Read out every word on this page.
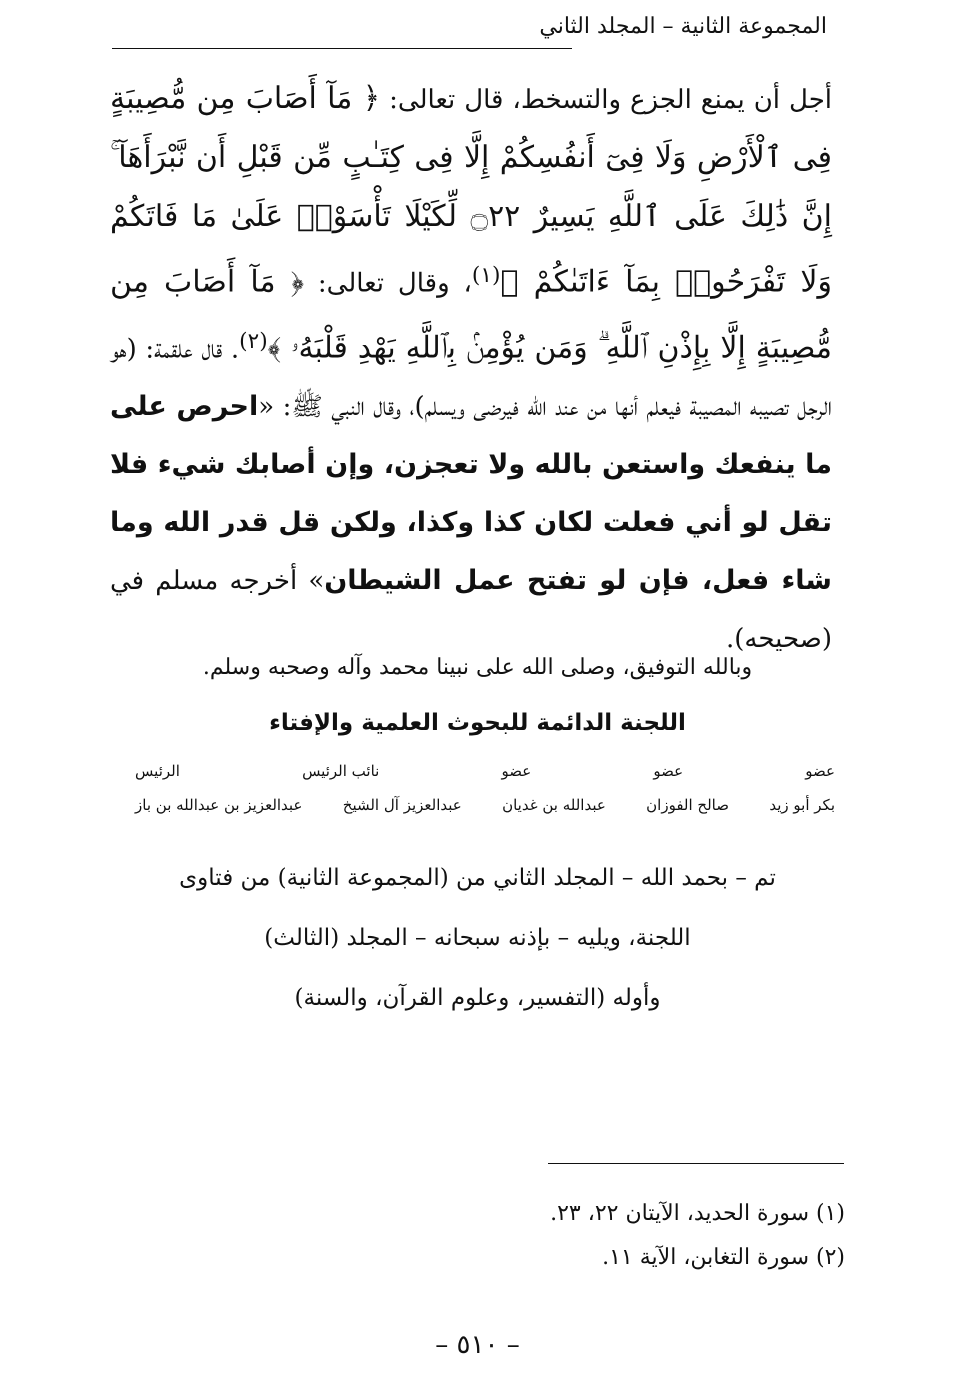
المجموعة الثانية – المجلد الثاني

أجل أن يمنع الجزع والتسخط، قال تعالى: ﴿ مَآ أَصَابَ مِن مُّصِيبَةٍ فِى ٱلْأَرْضِ وَلَا فِىٓ أَنفُسِكُمْ إِلَّا فِى كِتَـٰبٍ مِّن قَبْلِ أَن نَّبْرَأَهَآ ۚ إِنَّ ذَٰلِكَ عَلَى ٱللَّهِ يَسِيرٌ ۝٢٢ لِّكَيْلَا تَأْسَوْا۟ عَلَىٰ مَا فَاتَكُمْ وَلَا تَفْرَحُوا۟ بِمَآ ءَاتَىٰكُمْ ﴾$^{(١)}$، وقال تعالى: ﴿ مَآ أَصَابَ مِن مُّصِيبَةٍ إِلَّا بِإِذْنِ ٱللَّهِ ۗ وَمَن يُؤْمِنۢ بِٱللَّهِ يَهْدِ قَلْبَهُۥ ﴾$^{(٢)}$. قال علقمة: (هو الرجل تصيبه المصيبة فيعلم أنها من عند الله فيرضى ويسلم)، وقال النبي ﷺ: «احرص على ما ينفعك واستعن بالله ولا تعجزن، وإن أصابك شيء فلا تقل لو أني فعلت لكان كذا وكذا، ولكن قل قدر الله وما شاء فعل، فإن لو تفتح عمل الشيطان» أخرجه مسلم في (صحيحه).

وبالله التوفيق، وصلى الله على نبينا محمد وآله وصحبه وسلم.
اللجنة الدائمة للبحوث العلمية والإفتاء
عضو
عضو
عضو
نائب الرئيس
الرئيس
بكر أبو زيد
صالح الفوزان
عبدالله بن غديان
عبدالعزيز آل الشيخ
عبدالعزيز بن عبدالله بن باز
تم – بحمد الله – المجلد الثاني من (المجموعة الثانية) من فتاوى
اللجنة، ويليه – بإذنه سبحانه – المجلد (الثالث)
وأوله (التفسير، وعلوم القرآن، والسنة)
(١) سورة الحديد، الآيتان ٢٢، ٢٣.
(٢) سورة التغابن، الآية ١١.
– ٥١٠ –
